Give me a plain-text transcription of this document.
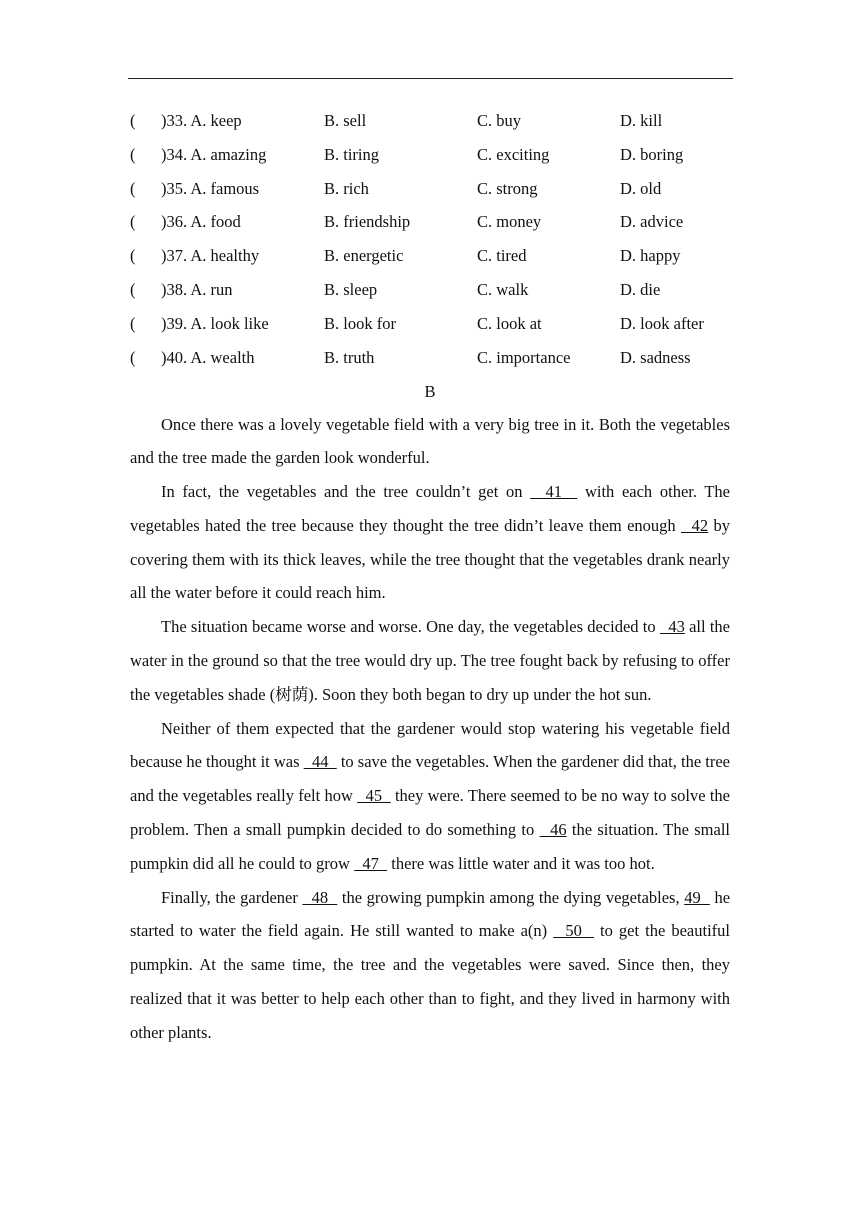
( )33. A. keep	B. sell	C. buy	D. kill
( )34. A. amazing	B. tiring	C. exciting	D. boring
( )35. A. famous	B. rich	C. strong	D. old
( )36. A. food	B. friendship	C. money	D. advice
( )37. A. healthy	B. energetic	C. tired	D. happy
( )38. A. run	B. sleep	C. walk	D. die
( )39. A. look like	B. look for	C. look at	D. look after
( )40. A. wealth	B. truth	C. importance	D. sadness
B

Once there was a lovely vegetable field with a very big tree in it. Both the vegetables and the tree made the garden look wonderful.

In fact, the vegetables and the tree couldn’t get on   41   with each other. The vegetables hated the tree because they thought the tree didn’t leave them enough   42 by covering them with its thick leaves, while the tree thought that the vegetables drank nearly all the water before it could reach him.

The situation became worse and worse. One day, the vegetables decided to   43 all the water in the ground so that the tree would dry up. The tree fought back by refusing to offer the vegetables shade (树荫). Soon they both began to dry up under the hot sun.

Neither of them expected that the gardener would stop watering his vegetable field because he thought it was   44   to save the vegetables. When the gardener did that, the tree and the vegetables really felt how   45   they were. There seemed to be no way to solve the problem. Then a small pumpkin decided to do something to   46 the situation. The small pumpkin did all he could to grow   47   there was little water and it was too hot.

Finally, the gardener   48   the growing pumpkin among the dying vegetables, 49   he started to water the field again. He still wanted to make a(n)   50   to get the beautiful pumpkin. At the same time, the tree and the vegetables were saved. Since then, they realized that it was better to help each other than to fight, and they lived in harmony with other plants.
